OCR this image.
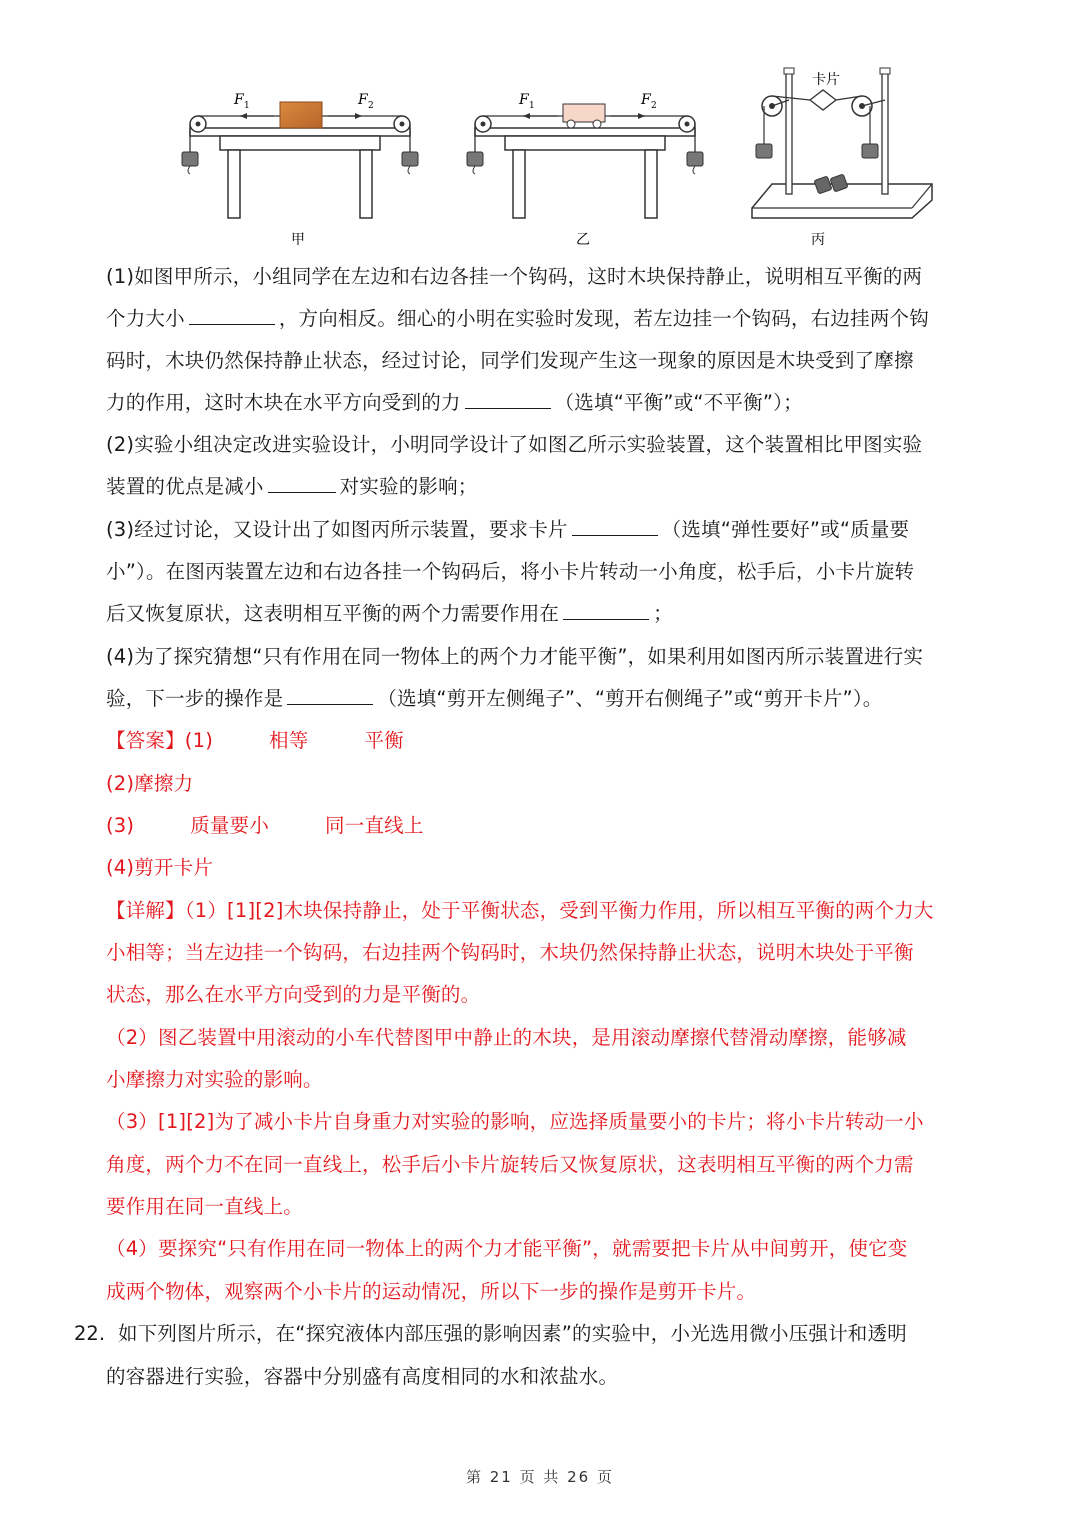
F 1	F 2
甲
F 1	F 2
乙
卡片
丙
(1)如图甲所示，小组同学在左边和右边各挂一个钩码，这时木块保持静止，说明相互平衡的两
个力大小	，方向相反。细心的小明在实验时发现，若左边挂一个钩码，右边挂两个钩
码时，木块仍然保持静止状态，经过讨论，同学们发现产生这一现象的原因是木块受到了摩擦
力的作用，这时木块在水平方向受到的力	（选填“平衡”或“不平衡”）；
(2)实验小组决定改进实验设计，小明同学设计了如图乙所示实验装置，这个装置相比甲图实验
装置的优点是减小	对实验的影响；
(3)经过讨论，又设计出了如图丙所示装置，要求卡片	（选填“弹性要好”或“质量要
小”）。在图丙装置左边和右边各挂一个钩码后，将小卡片转动一小角度，松手后，小卡片旋转
后又恢复原状，这表明相互平衡的两个力需要作用在	；
(4)为了探究猜想“只有作用在同一物体上的两个力才能平衡”，如果利用如图丙所示装置进行实
验，下一步的操作是	（选填“剪开左侧绳子”、“剪开右侧绳子”或“剪开卡片”）。
【答案】(1)	相等	平衡
(2)摩擦力
(3)	质量要小	同一直线上
(4)剪开卡片
【详解】（1）[1][2]木块保持静止，处于平衡状态，受到平衡力作用，所以相互平衡的两个力大
小相等；当左边挂一个钩码，右边挂两个钩码时，木块仍然保持静止状态，说明木块处于平衡
状态，那么在水平方向受到的力是平衡的。
（2）图乙装置中用滚动的小车代替图甲中静止的木块，是用滚动摩擦代替滑动摩擦，能够减
小摩擦力对实验的影响。
（3）[1][2]为了减小卡片自身重力对实验的影响，应选择质量要小的卡片；将小卡片转动一小
角度，两个力不在同一直线上，松手后小卡片旋转后又恢复原状，这表明相互平衡的两个力需
要作用在同一直线上。
（4）要探究“只有作用在同一物体上的两个力才能平衡”，就需要把卡片从中间剪开，使它变
成两个物体，观察两个小卡片的运动情况，所以下一步的操作是剪开卡片。
22. 如下列图片所示，在“探究液体内部压强的影响因素”的实验中，小光选用微小压强计和透明
的容器进行实验，容器中分别盛有高度相同的水和浓盐水。
第 21 页 共 26 页
